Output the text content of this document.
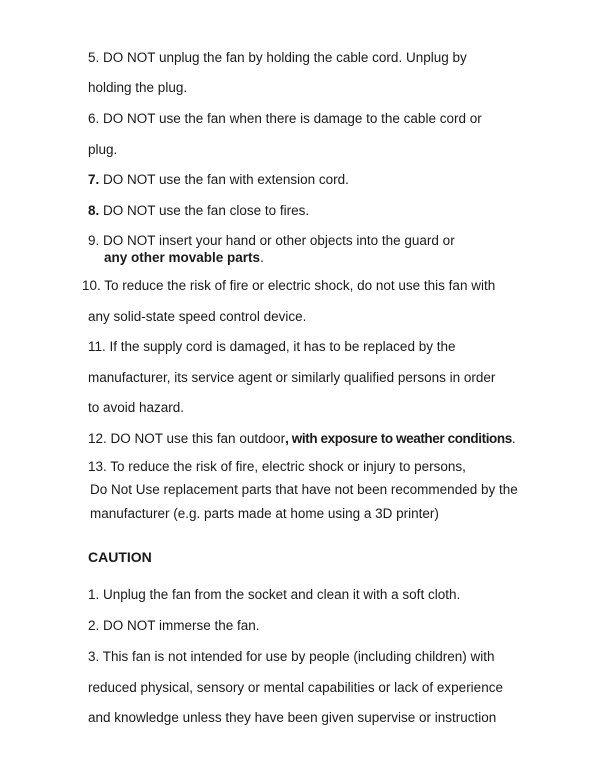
5. DO NOT unplug the fan by holding the cable cord. Unplug by
holding the plug.
6. DO NOT use the fan when there is damage to the cable cord or
plug.
7. DO NOT use the fan with extension cord.
8. DO NOT use the fan close to fires.
9. DO NOT insert your hand or other objects into the guard or
any other movable parts.
10. To reduce the risk of fire or electric shock, do not use this fan with
any solid-state speed control device.
11. If the supply cord is damaged, it has to be replaced by the
manufacturer, its service agent or similarly qualified persons in order
to avoid hazard.
12. DO NOT use this fan outdoor, with exposure to weather conditions.
13. To reduce the risk of fire, electric shock or injury to persons,
Do Not Use replacement parts that have not been recommended by the
manufacturer (e.g. parts made at home using a 3D printer)
CAUTION
1. Unplug the fan from the socket and clean it with a soft cloth.
2. DO NOT immerse the fan.
3. This fan is not intended for use by people (including children) with
reduced physical, sensory or mental capabilities or lack of experience
and knowledge unless they have been given supervise or instruction
